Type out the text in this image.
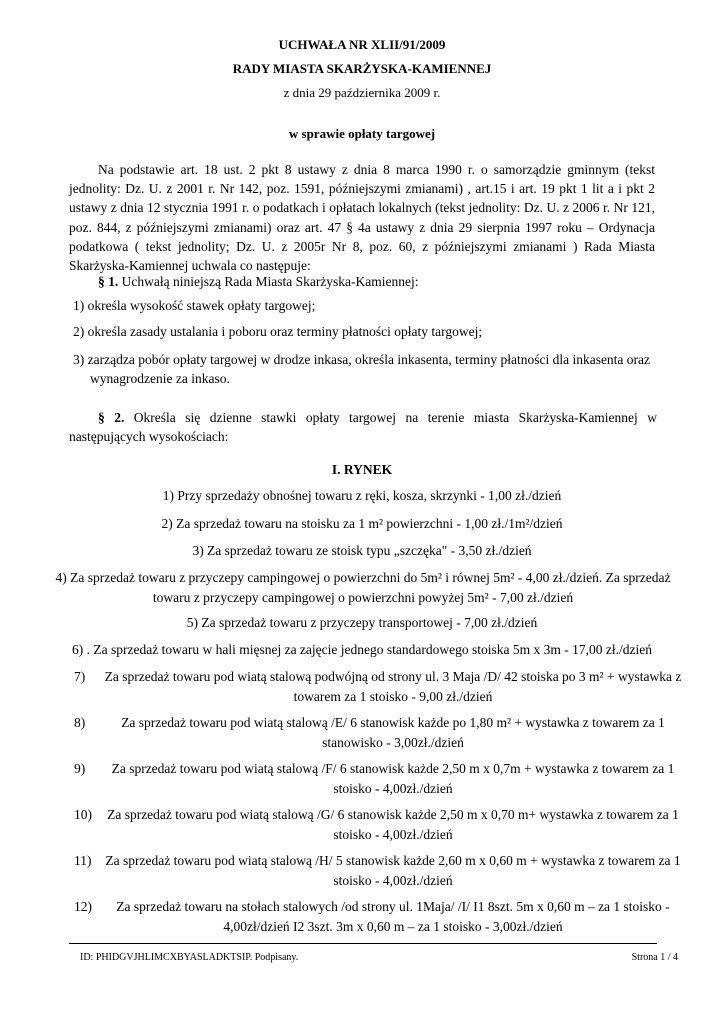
UCHWAŁA NR XLII/91/2009
RADY MIASTA SKARŻYSKA-KAMIENNEJ
z dnia 29 października 2009 r.
w sprawie opłaty targowej
Na podstawie art. 18 ust. 2 pkt 8 ustawy z dnia 8 marca 1990 r. o samorządzie gminnym (tekst jednolity: Dz. U. z 2001 r. Nr 142, poz. 1591, późniejszymi zmianami) , art.15 i art. 19 pkt 1 lit a i pkt 2 ustawy z dnia 12 stycznia 1991 r. o podatkach i opłatach lokalnych (tekst jednolity: Dz. U. z 2006 r. Nr 121, poz. 844, z późniejszymi zmianami) oraz art. 47 § 4a ustawy z dnia 29 sierpnia 1997 roku – Ordynacja podatkowa ( tekst jednolity; Dz. U. z 2005r Nr 8, poz. 60, z późniejszymi zmianami ) Rada Miasta Skarżyska-Kamiennej uchwala co następuje:
§ 1. Uchwałą niniejszą Rada Miasta Skarżyska-Kamiennej:
1) określa wysokość stawek opłaty targowej;
2) określa zasady ustalania i poboru oraz terminy płatności opłaty targowej;
3) zarządza pobór opłaty targowej w drodze inkasa, określa inkasenta, terminy płatności dla inkasenta oraz
wynagrodzenie za inkaso.
§ 2. Określa się dzienne stawki opłaty targowej na terenie miasta Skarżyska-Kamiennej w następujących wysokościach:
I. RYNEK
1) Przy sprzedaży obnośnej towaru z ręki, kosza, skrzynki - 1,00 zł./dzień
2) Za sprzedaż towaru na stoisku za 1 m² powierzchni - 1,00 zł./1m²/dzień
3) Za sprzedaż towaru ze stoisk typu „szczęka" - 3,50 zł./dzień
4) Za sprzedaż towaru z przyczepy campingowej o powierzchni do 5m² i równej 5m² - 4,00 zł./dzień. Za sprzedaż towaru z przyczepy campingowej o powierzchni powyżej 5m² - 7,00 zł./dzień
5) Za sprzedaż towaru z przyczepy transportowej - 7,00 zł./dzień
6) . Za sprzedaż towaru w hali mięsnej za zajęcie jednego standardowego stoiska 5m x 3m - 17,00 zł./dzień
7) Za sprzedaż towaru pod wiatą stalową podwójną od strony ul. 3 Maja /D/ 42 stoiska po 3 m² + wystawka z towarem za 1 stoisko - 9,00 zł./dzień
8)	Za sprzedaż towaru pod wiatą stalową /E/ 6 stanowisk każde po 1,80 m² + wystawka z towarem za 1 stanowisko - 3,00zł./dzień
9)	Za sprzedaż towaru pod wiatą stalową /F/ 6 stanowisk każde 2,50 m x 0,7m + wystawka z towarem za 1 stoisko - 4,00zł./dzień
10) Za sprzedaż towaru pod wiatą stalową /G/ 6 stanowisk każde 2,50 m x 0,70 m+ wystawka z towarem za 1 stoisko - 4,00zł./dzień
11) Za sprzedaż towaru pod wiatą stalową /H/ 5 stanowisk każde 2,60 m x 0,60 m + wystawka z towarem za 1 stoisko - 4,00zł./dzień
12)	Za sprzedaż towaru na stołach stalowych /od strony ul. 1Maja/ /I/ I1 8szt. 5m x 0,60 m – za 1 stoisko - 4,00zł/dzień I2 3szt. 3m x 0,60 m – za 1 stoisko - 3,00zł./dzień
ID: PHIDGVJHLIMCXBYASLADKTSIP. Podpisany.	Strona 1 / 4
